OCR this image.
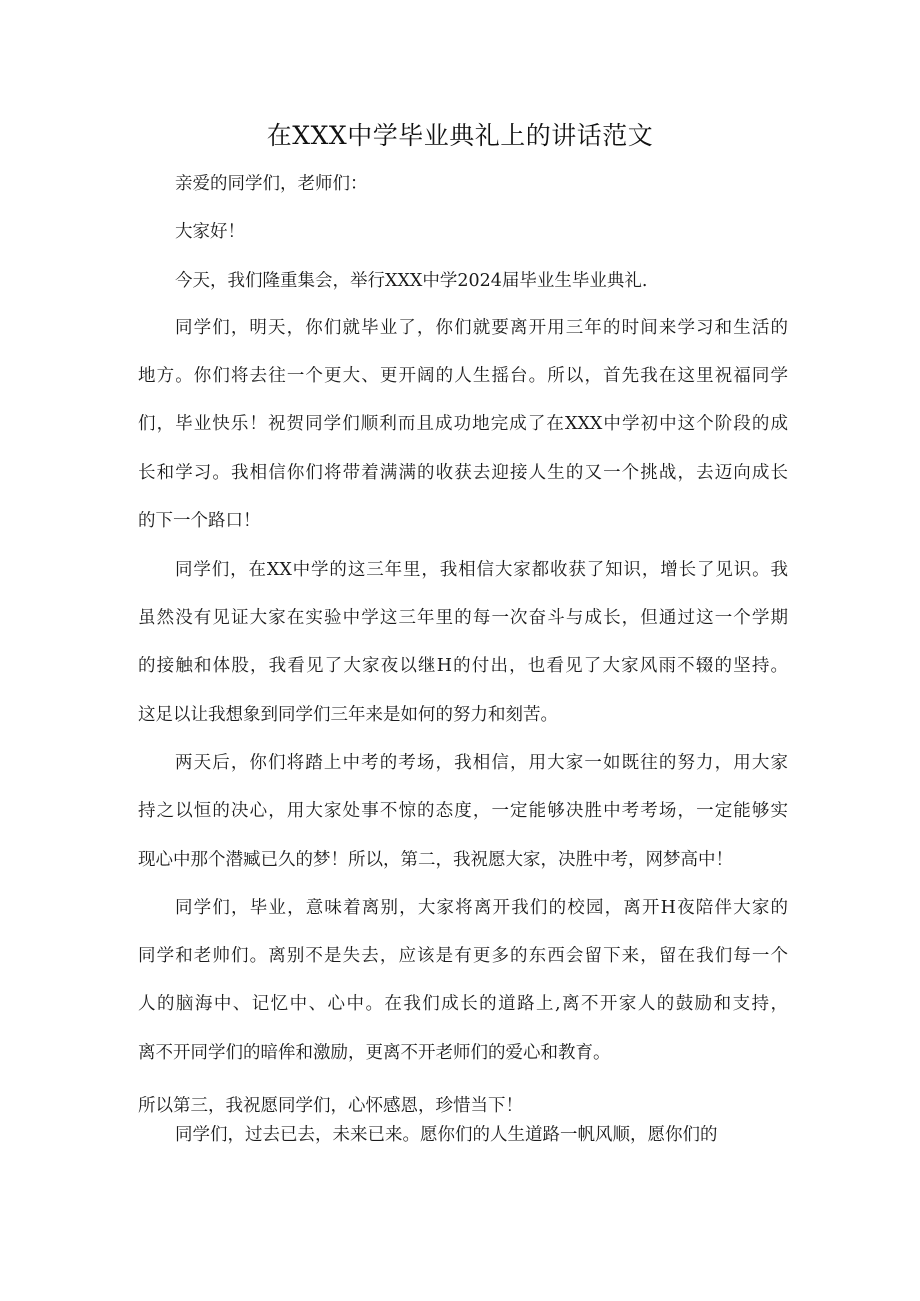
在XXX中学毕业典礼上的讲话范文
亲爱的同学们，老师们：
大家好！
今天，我们隆重集会，举行XXX中学2024届毕业生毕业典礼.
同学们，明天，你们就毕业了，你们就要离开用三年的时间来学习和生活的
地方。你们将去往一个更大、更开阔的人生摇台。所以，首先我在这里祝福同学
们，毕业快乐！祝贺同学们顺利而且成功地完成了在XXX中学初中这个阶段的成
长和学习。我相信你们将带着满满的收获去迎接人生的又一个挑战，去迈向成长
的下一个路口！
同学们，在XX中学的这三年里，我相信大家都收获了知识，增长了见识。我
虽然没有见证大家在实验中学这三年里的每一次奋斗与成长，但通过这一个学期
的接触和体股，我看见了大家夜以继H的付出，也看见了大家风雨不辍的坚持。
这足以让我想象到同学们三年来是如何的努力和刻苦。
两天后，你们将踏上中考的考场，我相信，用大家一如既往的努力，用大家
持之以恒的决心，用大家处事不惊的态度，一定能够决胜中考考场，一定能够实
现心中那个潜臧已久的梦！所以，第二，我祝愿大家，决胜中考，网梦高中！
同学们，毕业，意味着离别，大家将离开我们的校园，离开H夜陪伴大家的
同学和老帅们。离别不是失去，应该是有更多的东西会留下来，留在我们每一个
人的脑海中、记忆中、心中。在我们成长的道路上,离不开家人的鼓励和支持，
离不开同学们的暗侔和激励，更离不开老师们的爱心和教育。
所以第三，我祝愿同学们，心怀感恩，珍惜当下！
同学们，过去已去，未来已来。愿你们的人生道路一帆风顺，愿你们的
